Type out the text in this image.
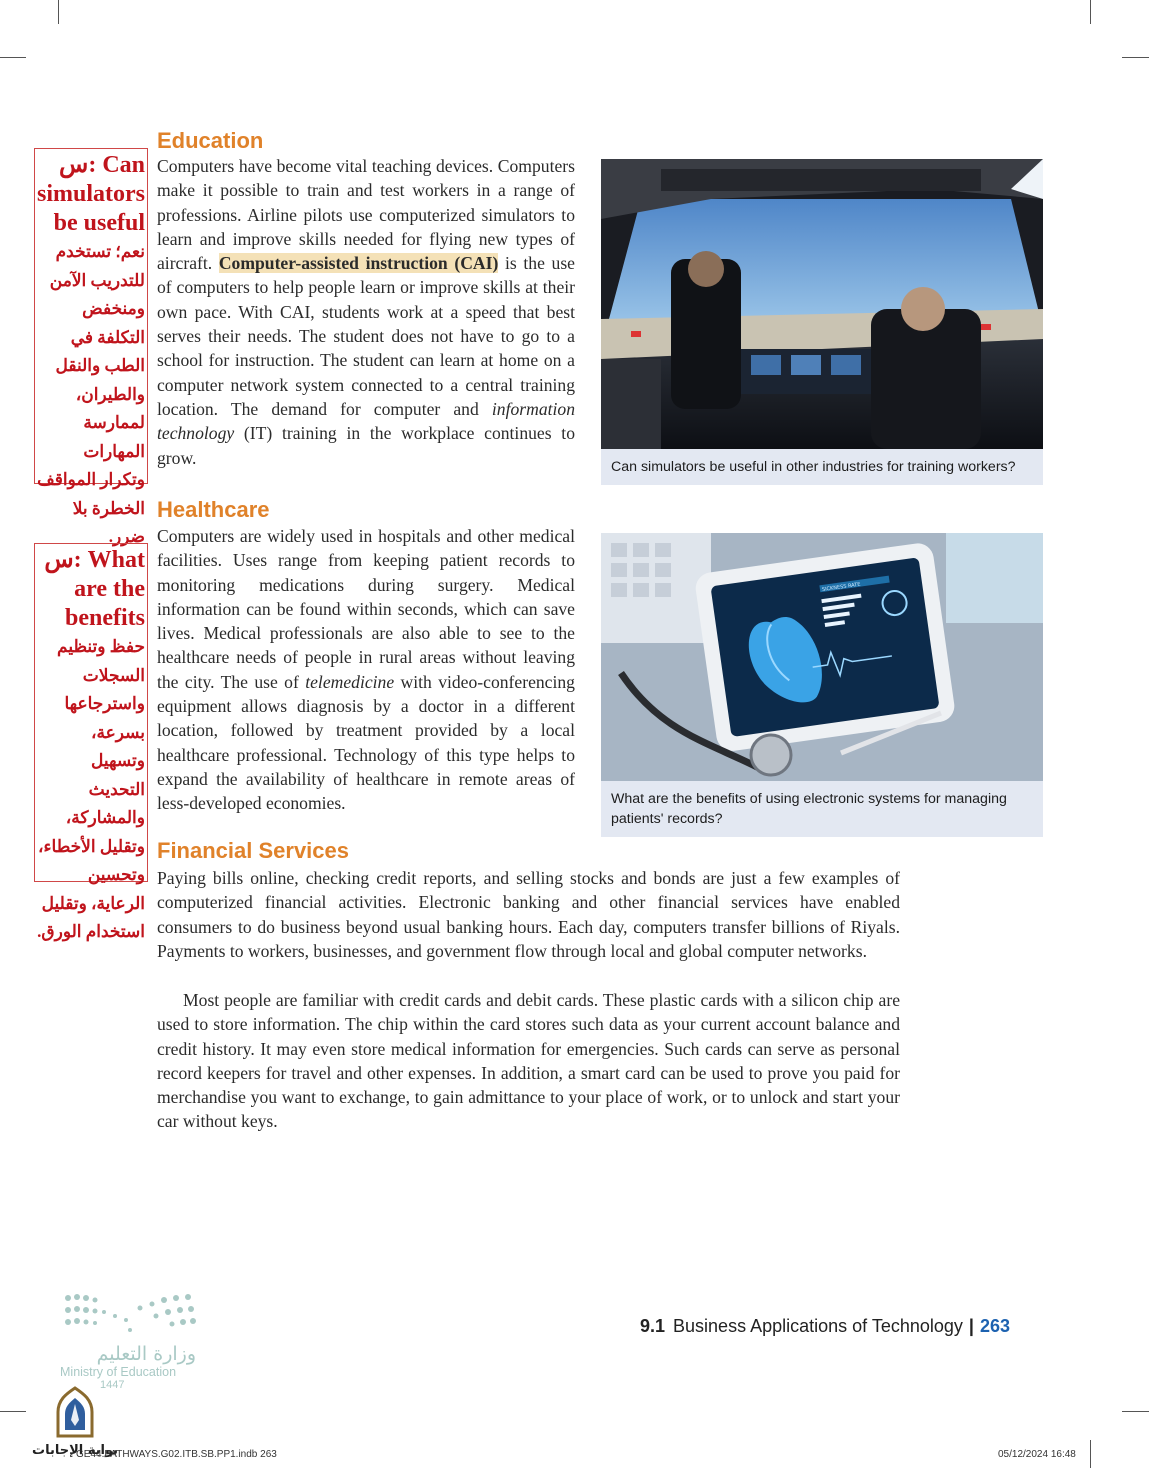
Education

س: Can simulators be useful

نعم؛ تستخدم للتدريب الآمن ومنخفض التكلفة في الطب والنقل والطيران، لممارسة المهارات وتكرار المواقف الخطرة بلا ضرر.

Computers have become vital teaching devices. Computers make it possible to train and test workers in a range of professions. Airline pilots use computerized simulators to learn and improve skills needed for flying new types of aircraft. Computer-assisted instruction (CAI) is the use of computers to help people learn or improve skills at their own pace. With CAI, students work at a speed that best serves their needs. The student does not have to go to a school for instruction. The student can learn at home on a computer network system connected to a central training location. The demand for computer and information technology (IT) training in the workplace continues to grow.	Can simulators be useful in other industries for training workers?

Healthcare

س: What are the benefits

حفظ وتنظيم السجلات واسترجاعها بسرعة، وتسهيل التحديث والمشاركة، وتقليل الأخطاء، وتحسين الرعاية، وتقليل استخدام الورق.

Computers are widely used in hospitals and other medical facilities. Uses range from keeping patient records to monitoring medications during surgery. Medical information can be found within seconds, which can save lives. Medical professionals are also able to see to the healthcare needs of people in rural areas without leaving the city. The use of telemedicine with video-conferencing equipment allows diagnosis by a doctor in a different location, followed by treatment provided by a local healthcare professional. Technology of this type helps to expand the availability of healthcare in remote areas of less-developed economies.

SICKNESS RATE

What are the benefits of using electronic systems for managing patients' records?

Financial Services

Paying bills online, checking credit reports, and selling stocks and bonds are just a few examples of computerized financial activities. Electronic banking and other financial services have enabled consumers to do business beyond usual banking hours. Each day, computers transfer billions of Riyals. Payments to workers, businesses, and government flow through local and global computer networks.

Most people are familiar with credit cards and debit cards. These plastic cards with a silicon chip are used to store information. The chip within the card stores such data as your current account balance and credit history. It may even store medical information for emergencies. Such cards can serve as personal record keepers for travel and other expenses. In addition, a smart card can be used to prove you paid for merchandise you want to exchange, to gain admittance to your place of work, or to unlock and start your car without keys.

9.1 Business Applications of Technology | 263

وزارة التعليم

Ministry of Education

1447

بوابة الإجابات

GE44.PATHWAYS.G02.ITB.SB.PP1.indb 263	05/12/2024 16:48
